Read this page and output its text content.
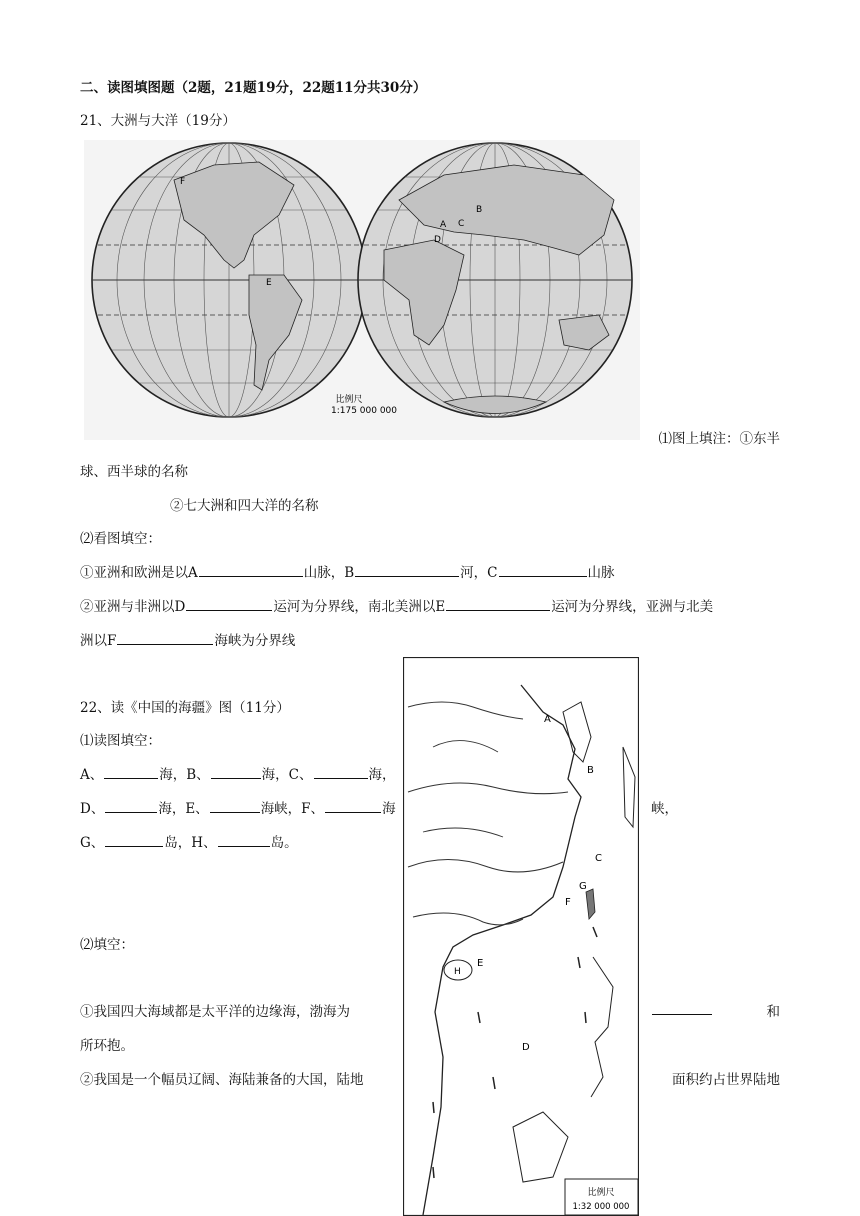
二、读图填图题（2题，21题19分，22题11分共30分）
21、大洲与大洋（19分）
A
B
C
D
E
F
比例尺
1:175 000 000
⑴图上填注：①东半
球、西半球的名称
②七大洲和四大洋的名称
⑵看图填空：
①亚洲和欧洲是以A	山脉，B	河，C	山脉
②亚洲与非洲以D	运河为分界线，南北美洲以E	运河为分界线，亚洲与北美
洲以F	海峡为分界线
A
B
C
D
E
F
G
H
比例尺
1:32 000 000
22、读《中国的海疆》图（11分）
⑴读图填空：
A、	海，B、	海，C、	海，
D、	海，E、	海峡，F、	海	峡，
G、	岛，H、	岛。
⑵填空：
①我国四大海域都是太平洋的边缘海，渤海为	和
所环抱。
②我国是一个幅员辽阔、海陆兼备的大国，陆地	面积约占世界陆地
